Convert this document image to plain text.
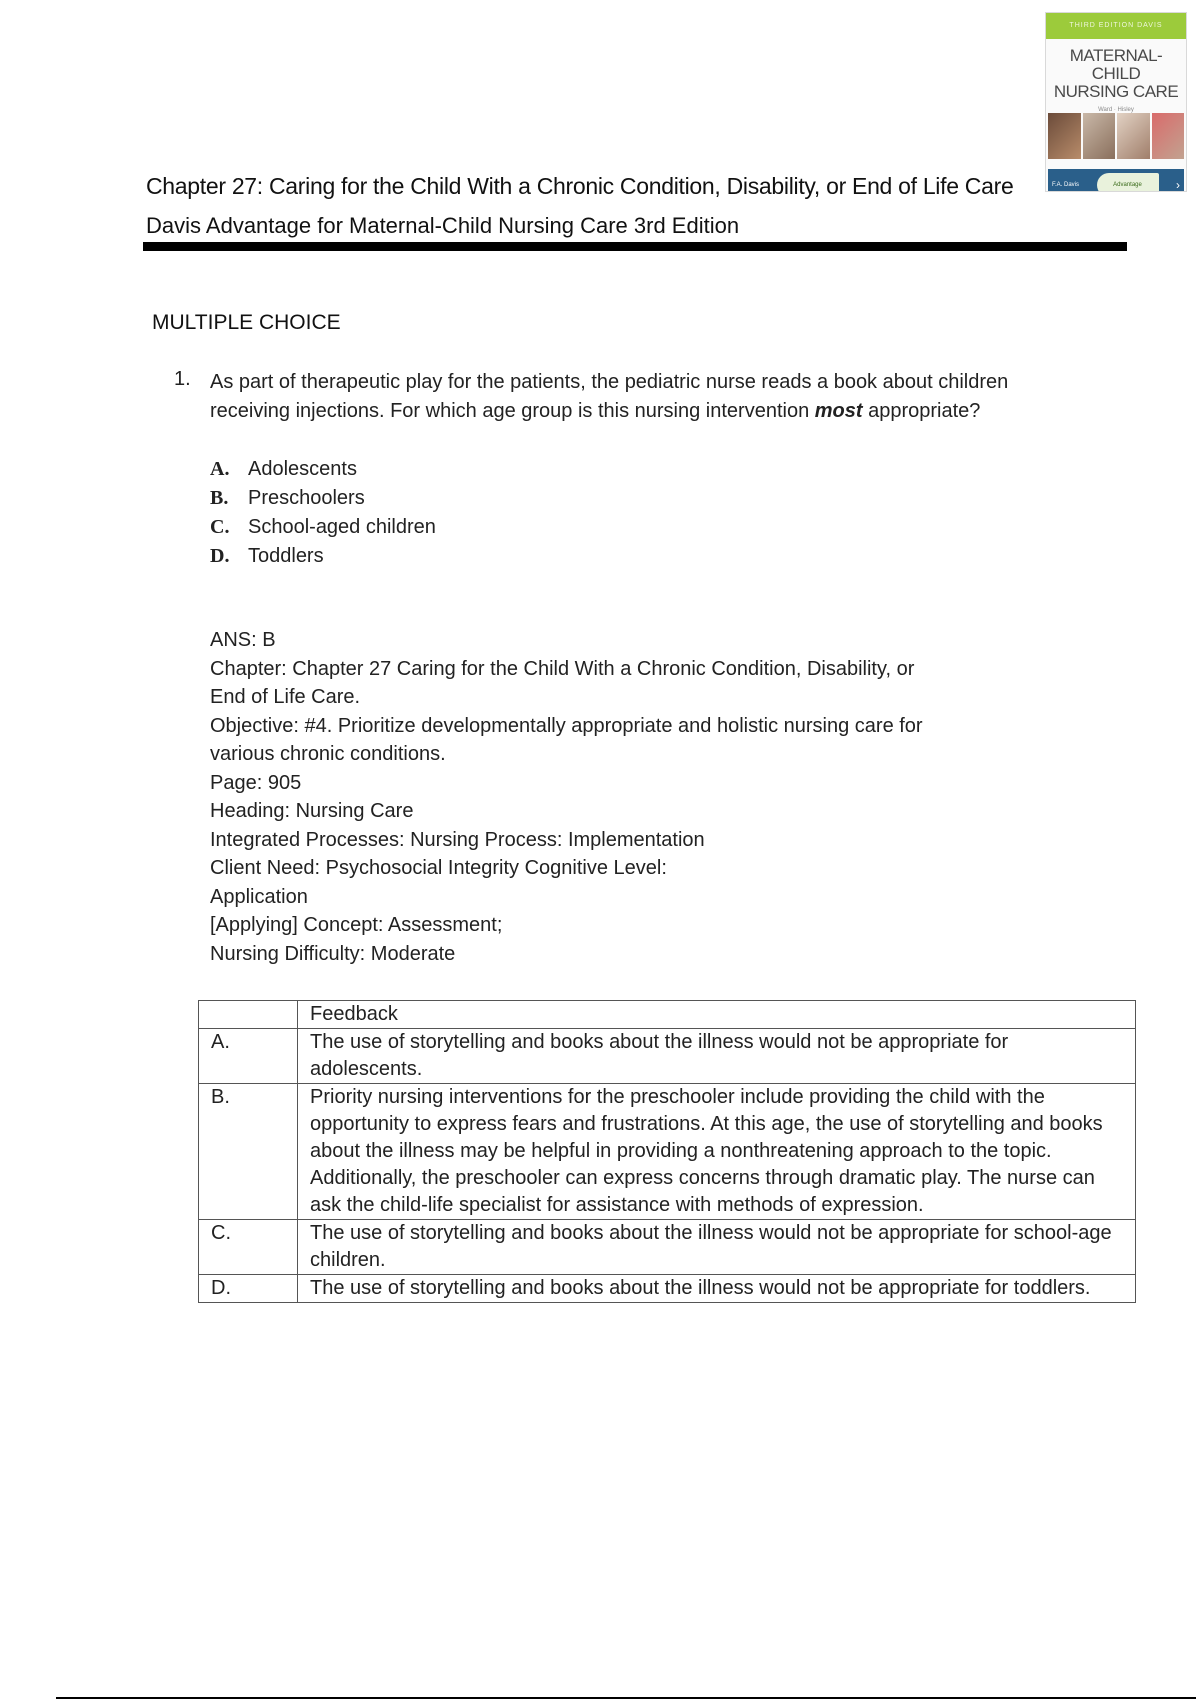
THIRD EDITION DAVIS
MATERNAL-CHILD
NURSING CARE
Ward · Hisley
F.A. Davis	Advantage	›
Chapter 27: Caring for the Child With a Chronic Condition, Disability, or End of Life Care
Davis Advantage for Maternal-Child Nursing Care 3rd Edition
MULTIPLE CHOICE
1. As part of therapeutic play for the patients, the pediatric nurse reads a book about children receiving injections. For which age group is this nursing intervention most appropriate?

A. Adolescents
B. Preschoolers
C. School-aged children
D. Toddlers
ANS: B
Chapter: Chapter 27 Caring for the Child With a Chronic Condition, Disability, or
End of Life Care.
Objective: #4. Prioritize developmentally appropriate and holistic nursing care for
various chronic conditions.
Page: 905
Heading: Nursing Care
Integrated Processes: Nursing Process: Implementation
Client Need: Psychosocial Integrity Cognitive Level:
Application
[Applying] Concept: Assessment;
Nursing Difficulty: Moderate
	Feedback
A.	The use of storytelling and books about the illness would not be appropriate for adolescents.
B.	Priority nursing interventions for the preschooler include providing the child with the opportunity to express fears and frustrations. At this age, the use of storytelling and books about the illness may be helpful in providing a nonthreatening approach to the topic. Additionally, the preschooler can express concerns through dramatic play. The nurse can ask the child-life specialist for assistance with methods of expression.
C.	The use of storytelling and books about the illness would not be appropriate for school-age children.
D.	The use of storytelling and books about the illness would not be appropriate for toddlers.
